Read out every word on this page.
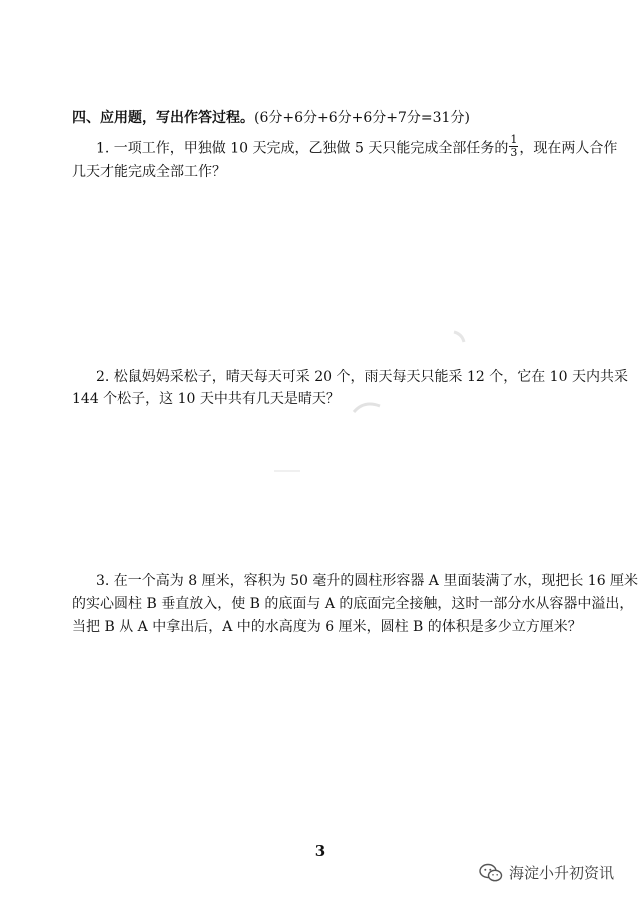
四、应用题，写出作答过程。(6分+6分+6分+6分+7分=31分)
1. 一项工作，甲独做 10 天完成，乙独做 5 天只能完成全部任务的 $\frac{1}{3}$ ，现在两人合作
几天才能完成全部工作？
2. 松鼠妈妈采松子，晴天每天可采 20 个，雨天每天只能采 12 个，它在 10 天内共采
144 个松子，这 10 天中共有几天是晴天？
3. 在一个高为 8 厘米，容积为 50 毫升的圆柱形容器 A 里面装满了水，现把长 16 厘米
的实心圆柱 B 垂直放入，使 B 的底面与 A 的底面完全接触，这时一部分水从容器中溢出，
当把 B 从 A 中拿出后，A 中的水高度为 6 厘米，圆柱 B 的体积是多少立方厘米？
3
海淀小升初资讯
